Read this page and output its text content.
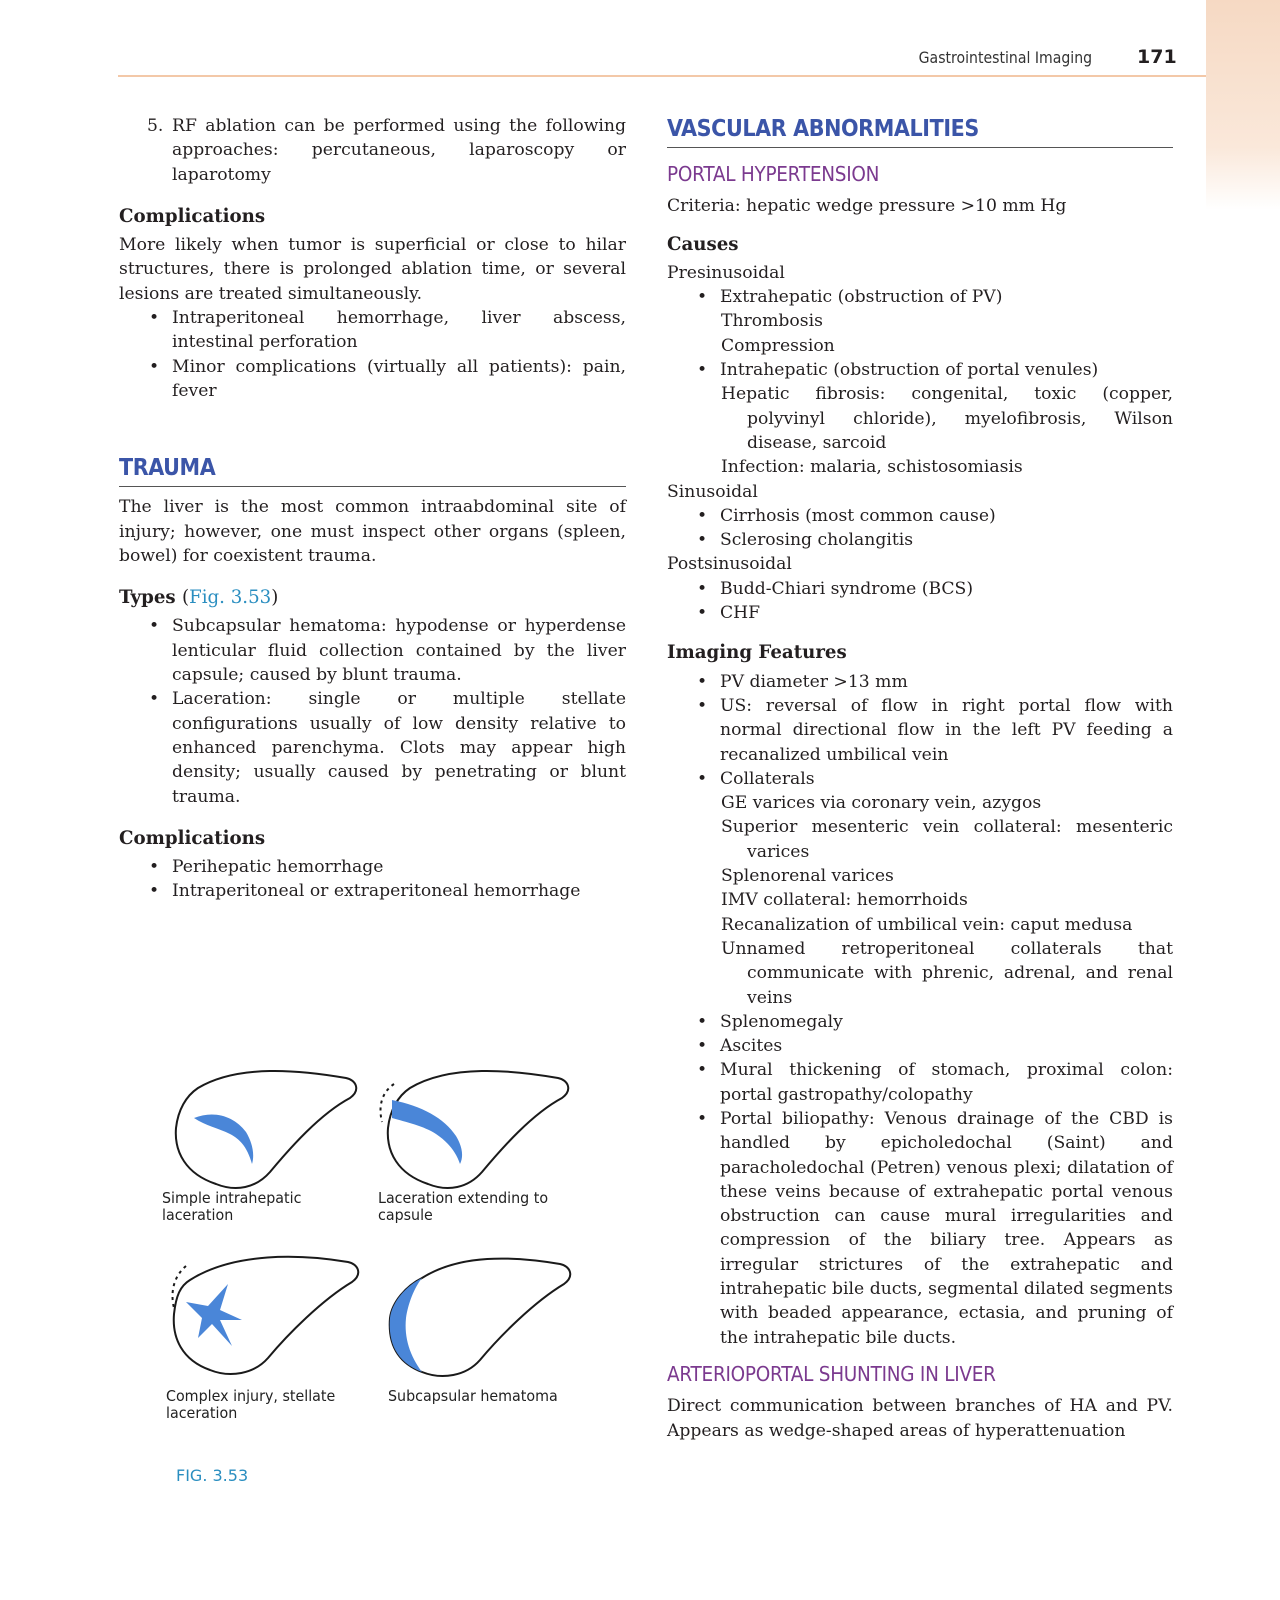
Gastrointestinal Imaging 171

5. RF ablation can be performed using the following approaches: percutaneous, laparoscopy or laparotomy

Complications

More likely when tumor is superficial or close to hilar structures, there is prolonged ablation time, or several lesions are treated simultaneously.

• Intraperitoneal hemorrhage, liver abscess, intestinal perforation
• Minor complications (virtually all patients): pain, fever
TRAUMA

The liver is the most common intraabdominal site of injury; however, one must inspect other organs (spleen, bowel) for coexistent trauma.

Types (Fig. 3.53)
• Subcapsular hematoma: hypodense or hyperdense lenticular fluid collection contained by the liver capsule; caused by blunt trauma.
• Laceration: single or multiple stellate configurations usually of low density relative to enhanced parenchyma. Clots may appear high density; usually caused by penetrating or blunt trauma.
Complications
• Perihepatic hemorrhage
• Intraperitoneal or extraperitoneal hemorrhage
Simple intrahepatic laceration
Laceration extending to capsule
Complex injury, stellate laceration
Subcapsular hematoma
FIG. 3.53
VASCULAR ABNORMALITIES
PORTAL HYPERTENSION

Criteria: hepatic wedge pressure >10 mm Hg

Causes

Presinusoidal

• Extrahepatic (obstruction of PV)

Thrombosis

Compression

• Intrahepatic (obstruction of portal venules)

Hepatic fibrosis: congenital, toxic (copper, polyvinyl chloride), myelofibrosis, Wilson disease, sarcoid

Infection: malaria, schistosomiasis

Sinusoidal

• Cirrhosis (most common cause)
• Sclerosing cholangitis

Postsinusoidal

• Budd-Chiari syndrome (BCS)
• CHF
Imaging Features
• PV diameter >13 mm
• US: reversal of flow in right portal flow with normal directional flow in the left PV feeding a recanalized umbilical vein
• Collaterals

GE varices via coronary vein, azygos

Superior mesenteric vein collateral: mesenteric varices

Splenorenal varices

IMV collateral: hemorrhoids

Recanalization of umbilical vein: caput medusa

Unnamed retroperitoneal collaterals that communicate with phrenic, adrenal, and renal veins

• Splenomegaly
• Ascites
• Mural thickening of stomach, proximal colon: portal gastropathy/colopathy
• Portal biliopathy: Venous drainage of the CBD is handled by epicholedochal (Saint) and paracholedochal (Petren) venous plexi; dilatation of these veins because of extrahepatic portal venous obstruction can cause mural irregularities and compression of the biliary tree. Appears as irregular strictures of the extrahepatic and intrahepatic bile ducts, segmental dilated segments with beaded appearance, ectasia, and pruning of the intrahepatic bile ducts.
ARTERIOPORTAL SHUNTING IN LIVER

Direct communication between branches of HA and PV. Appears as wedge-shaped areas of hyperattenuation
